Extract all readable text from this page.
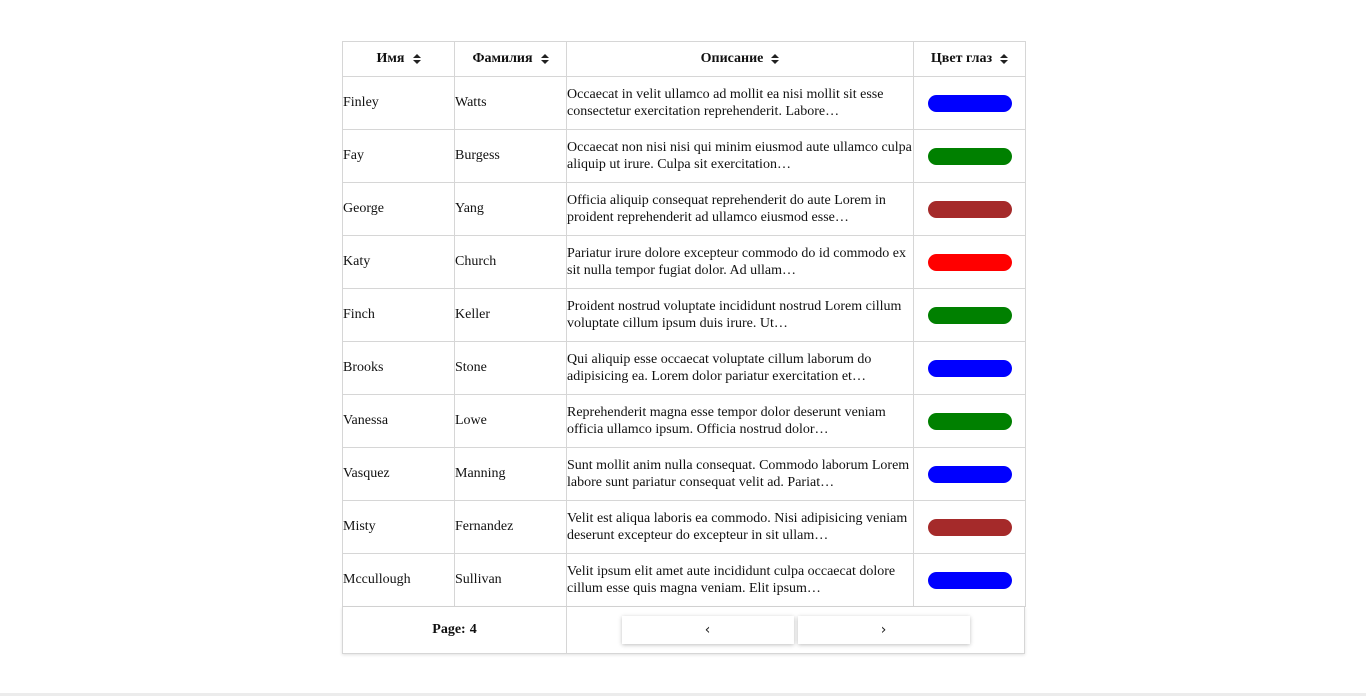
Имя	Фамилия	Описание	Цвет глаз

Finley	Watts	Occaecat in velit ullamco ad mollit ea nisi mollit sit esse consectetur exercitation reprehenderit. Labore…	

Fay	Burgess	Occaecat non nisi nisi qui minim eiusmod aute ullamco culpa aliquip ut irure. Culpa sit exercitation…	

George	Yang	Officia aliquip consequat reprehenderit do aute Lorem in proident reprehenderit ad ullamco eiusmod esse…	

Katy	Church	Pariatur irure dolore excepteur commodo do id commodo ex sit nulla tempor fugiat dolor. Ad ullam…	

Finch	Keller	Proident nostrud voluptate incididunt nostrud Lorem cillum voluptate cillum ipsum duis irure. Ut…	

Brooks	Stone	Qui aliquip esse occaecat voluptate cillum laborum do adipisicing ea. Lorem dolor pariatur exercitation et…	

Vanessa	Lowe	Reprehenderit magna esse tempor dolor deserunt veniam officia ullamco ipsum. Officia nostrud dolor…	

Vasquez	Manning	Sunt mollit anim nulla consequat. Commodo laborum Lorem labore sunt pariatur consequat velit ad. Pariat…	

Misty	Fernandez	Velit est aliqua laboris ea commodo. Nisi adipisicing veniam deserunt excepteur do excepteur in sit ullam…	

Mccullough	Sullivan	Velit ipsum elit amet aute incididunt culpa occaecat dolore cillum esse quis magna veniam. Elit ipsum…	

Page: 4	‹	›
